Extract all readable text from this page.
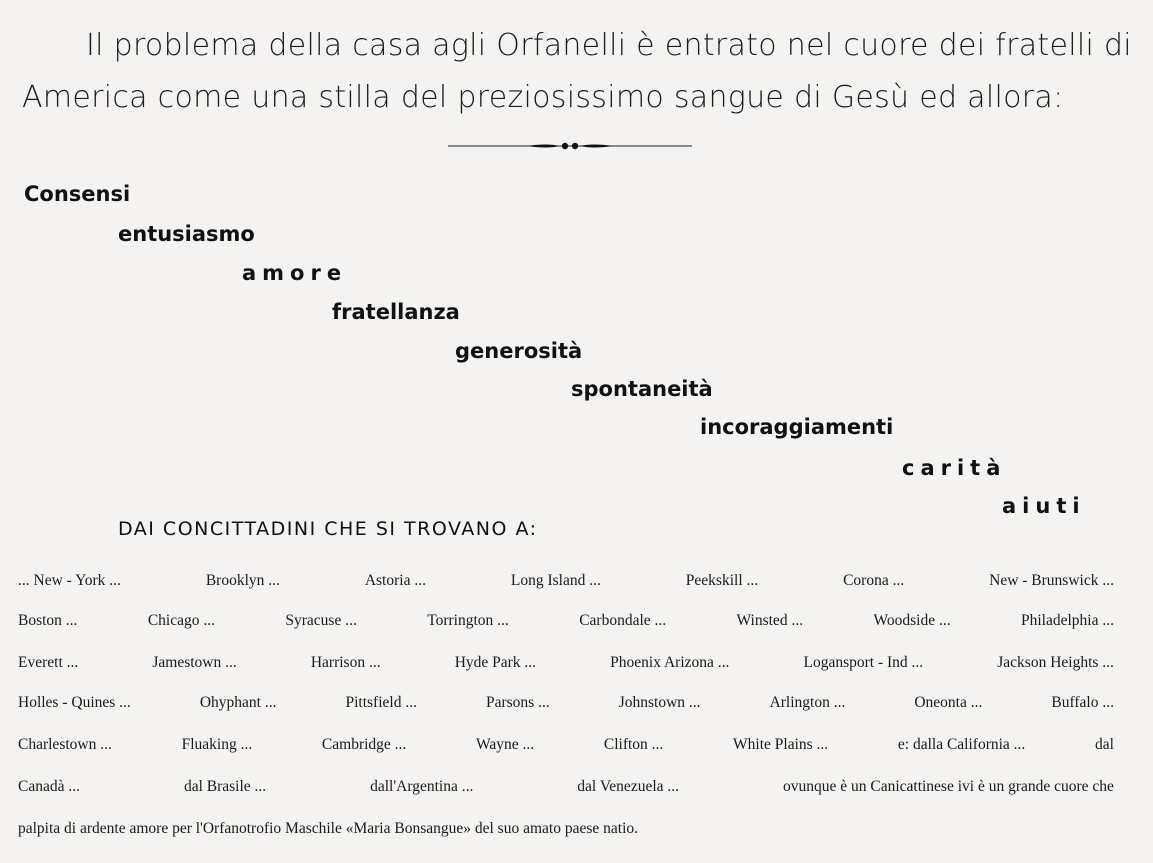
Il problema della casa agli Orfanelli è entrato nel cuore dei fratelli di
America come una stilla del preziosissimo sangue di Gesù ed allora:
Consensi
entusiasmo
amore
fratellanza
generosità
spontaneità
incoraggiamenti
carità
aiuti
DAI CONCITTADINI CHE SI TROVANO A:
... New - York ...	Brooklyn ...	Astoria ...	Long Island ...	Peekskill ...	Corona ...	New - Brunswick ...
Boston ...	Chicago ...	Syracuse ...	Torrington ...	Carbondale ...	Winsted ...	Woodside ...	Philadelphia ...
Everett ...	Jamestown ...	Harrison ...	Hyde Park ...	Phoenix Arizona ...	Logansport - Ind ...	Jackson Heights ...
Holles - Quines ...	Ohyphant ...	Pittsfield ...	Parsons ...	Johnstown ...	Arlington ...	Oneonta ...	Buffalo ...
Charlestown ...	Fluaking ...	Cambridge ...	Wayne ...	Clifton ...	White Plains ...	e: dalla California ...	dal
Canadà ...	dal Brasile ...	dall'Argentina ...	dal Venezuela ...	ovunque è un Canicattinese ivi è un grande cuore che
palpita di ardente amore per l'Orfanotrofio Maschile «Maria Bonsangue» del suo amato paese natio.
